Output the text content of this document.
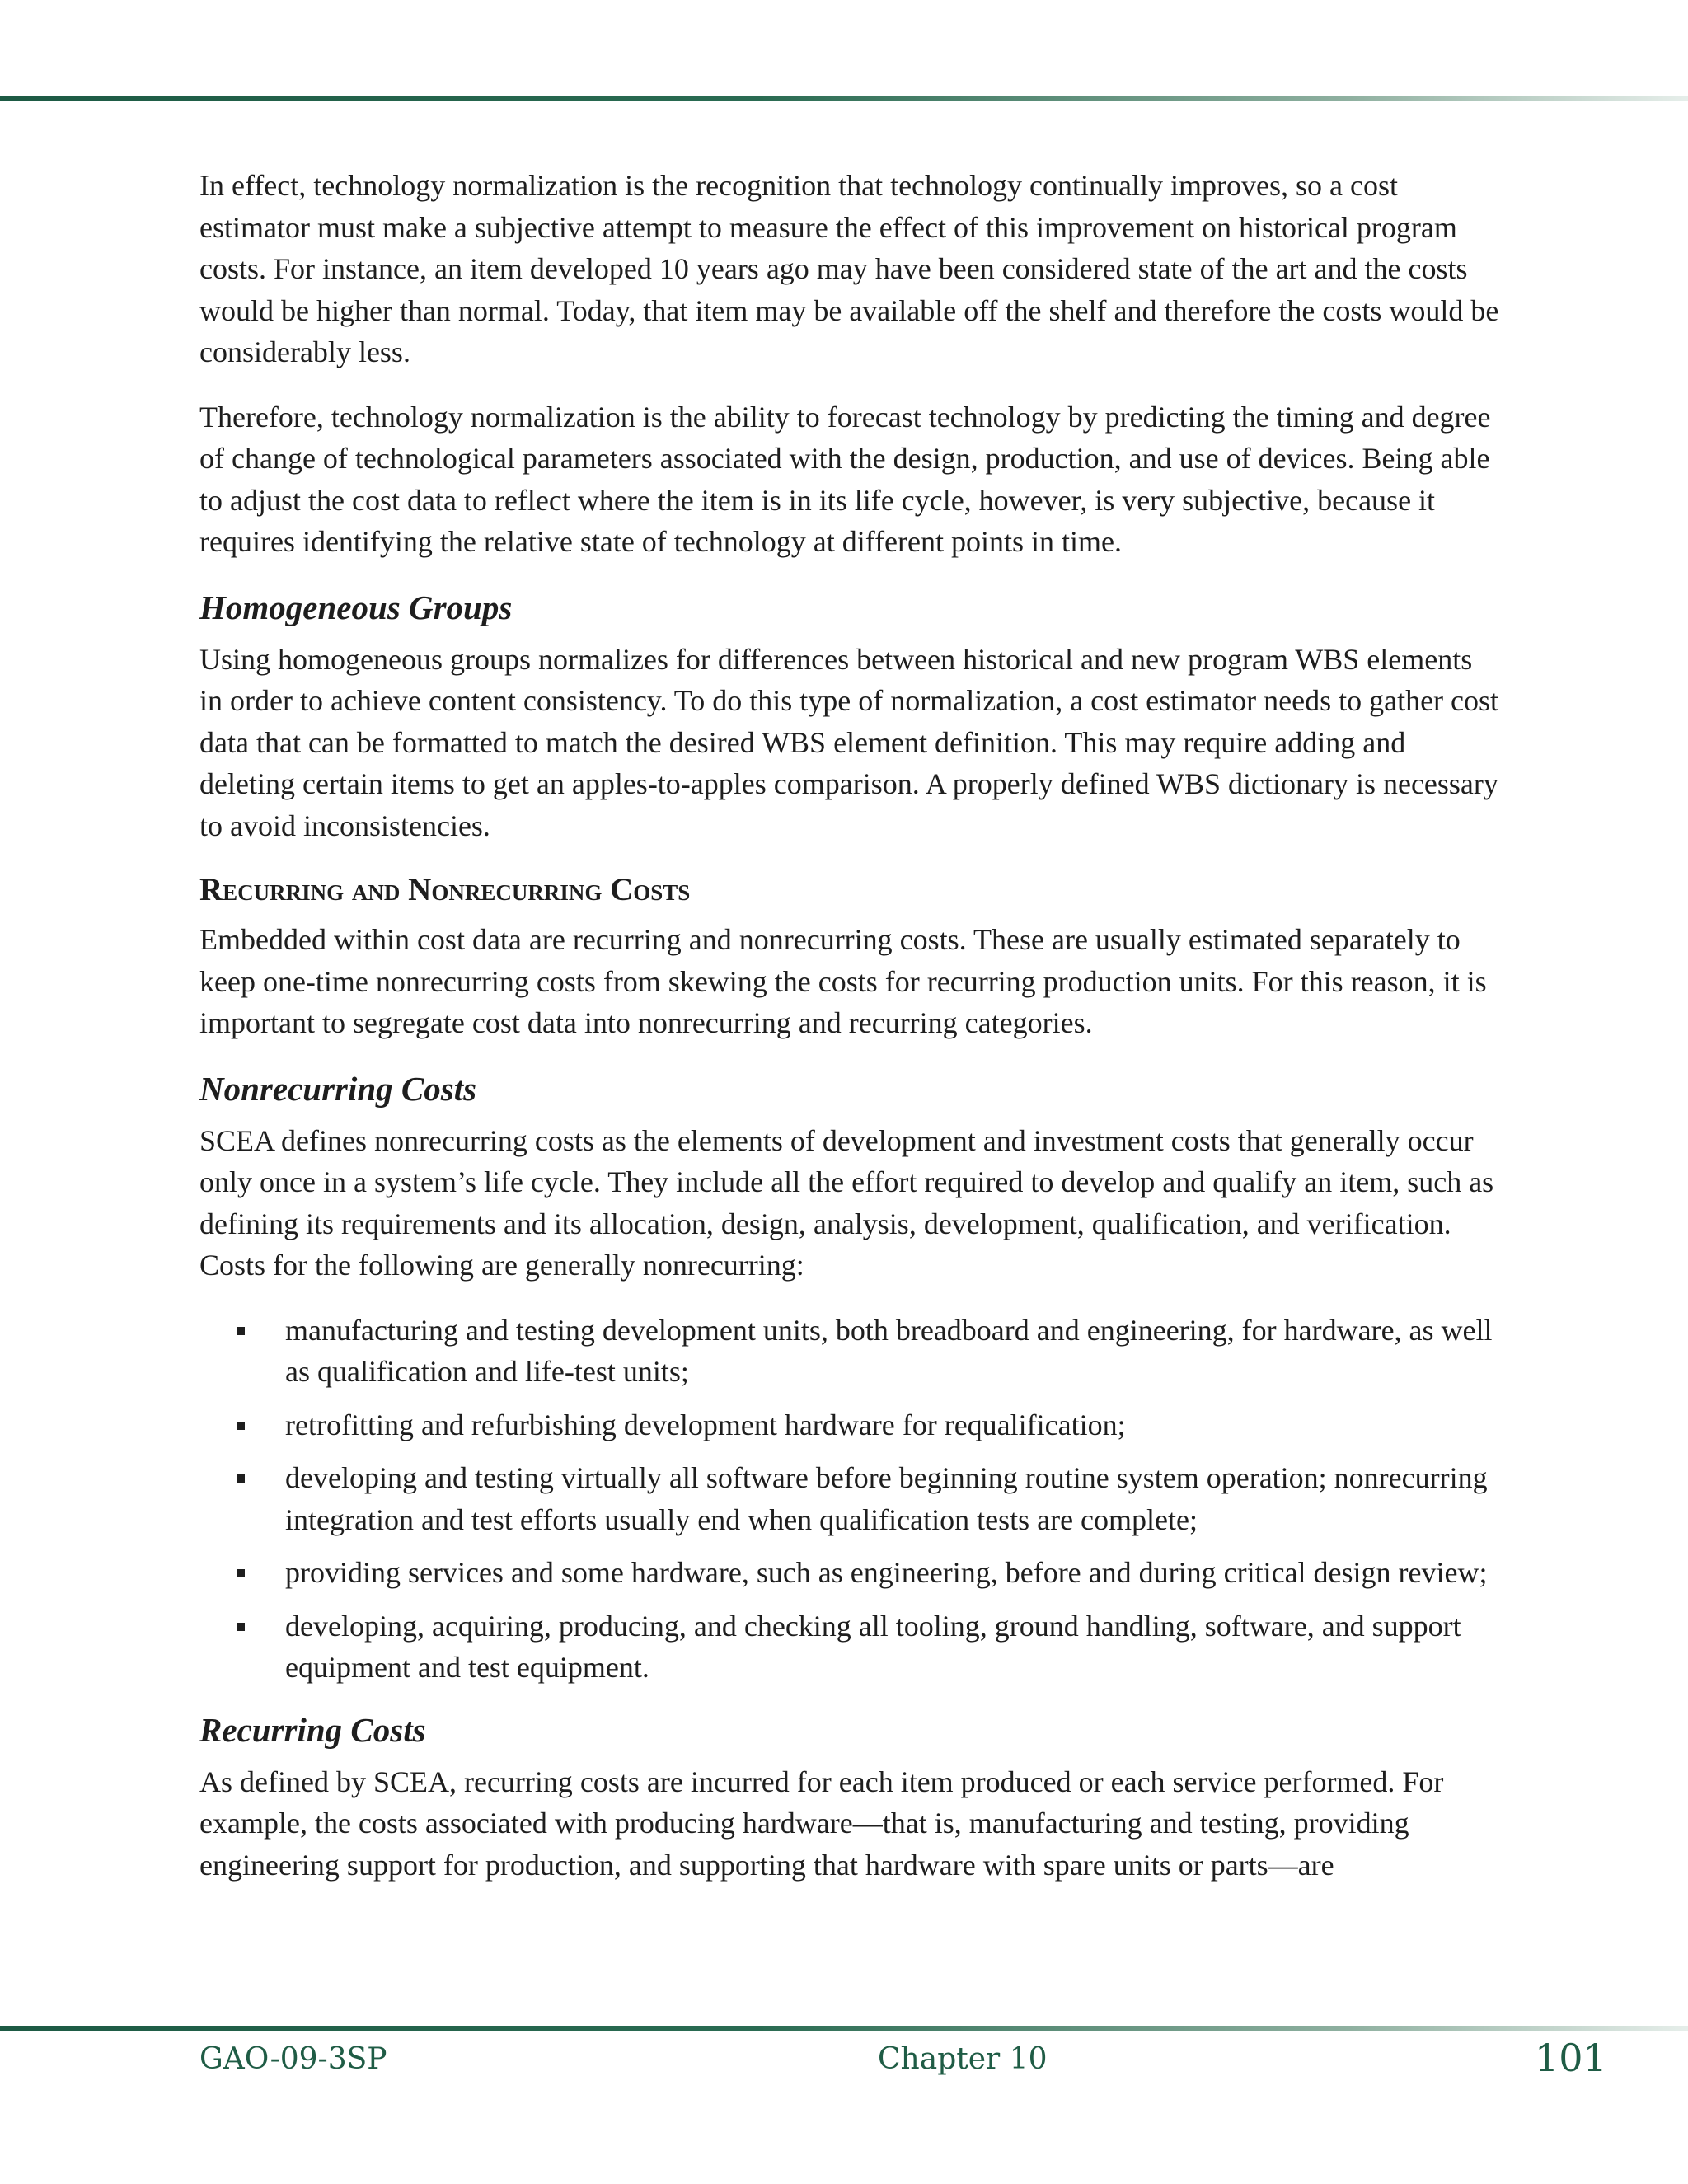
In effect, technology normalization is the recognition that technology continually improves, so a cost estimator must make a subjective attempt to measure the effect of this improvement on historical program costs. For instance, an item developed 10 years ago may have been considered state of the art and the costs would be higher than normal. Today, that item may be available off the shelf and therefore the costs would be considerably less.

Therefore, technology normalization is the ability to forecast technology by predicting the timing and degree of change of technological parameters associated with the design, production, and use of devices. Being able to adjust the cost data to reflect where the item is in its life cycle, however, is very subjective, because it requires identifying the relative state of technology at different points in time.

Homogeneous Groups

Using homogeneous groups normalizes for differences between historical and new program WBS elements in order to achieve content consistency. To do this type of normalization, a cost estimator needs to gather cost data that can be formatted to match the desired WBS element definition. This may require adding and deleting certain items to get an apples-to-apples comparison. A properly defined WBS dictionary is necessary to avoid inconsistencies.

Recurring and Nonrecurring Costs

Embedded within cost data are recurring and nonrecurring costs. These are usually estimated separately to keep one-time nonrecurring costs from skewing the costs for recurring production units. For this reason, it is important to segregate cost data into nonrecurring and recurring categories.

Nonrecurring Costs

SCEA defines nonrecurring costs as the elements of development and investment costs that generally occur only once in a system’s life cycle. They include all the effort required to develop and qualify an item, such as defining its requirements and its allocation, design, analysis, development, qualification, and verification. Costs for the following are generally nonrecurring:

manufacturing and testing development units, both breadboard and engineering, for hardware, as well as qualification and life-test units;
retrofitting and refurbishing development hardware for requalification;
developing and testing virtually all software before beginning routine system operation; nonrecurring integration and test efforts usually end when qualification tests are complete;
providing services and some hardware, such as engineering, before and during critical design review;
developing, acquiring, producing, and checking all tooling, ground handling, software, and support equipment and test equipment.
Recurring Costs

As defined by SCEA, recurring costs are incurred for each item produced or each service performed. For example, the costs associated with producing hardware—that is, manufacturing and testing, providing engineering support for production, and supporting that hardware with spare units or parts—are

GAO-09-3SP	Chapter 10	101
